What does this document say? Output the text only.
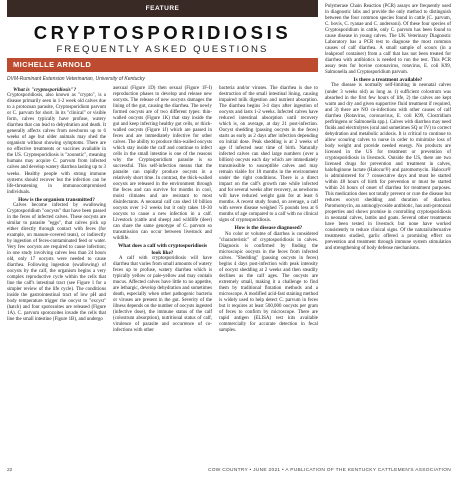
FEATURE
CRYPTOSPORIDIOSIS
FREQUENTLY ASKED QUESTIONS
MICHELLE ARNOLD
DVM-Ruminant Extension Veterinarian, University of Kentucky
What is "cryptosporidiosis"?

Cryptosporidiosis, also known as "crypto", is a disease primarily seen in 1-2 week old calves due to a protozoan parasite, Cryptosporidium parvum or C. parvum for short. In its "clinical" or visible form, calves typically have profuse, watery diarrhea that can lead to dehydration and death. It generally affects calves from newborns up to 6 weeks of age but older animals may shed the organism without showing symptoms. There are no effective treatments or vaccines available in the US. Cryptosporidiosis is "zoonotic", meaning humans may acquire C. parvum from infected calves and develop watery diarrhea lasting up to 3 weeks. Healthy people with strong immune systems should recover but the infection can be life-threatening in immunocompromised individuals.

How is the organism transmitted?

Calves become infected by swallowing Cryptosporidium "oocysts" that have been passed in the feces of infected calves. These oocysts are similar to parasite "eggs", that calves pick up either directly through contact with feces (for example, on manure-covered teats), or indirectly by ingestion of feces-contaminated feed or water. Very few oocysts are required to cause infection; in one study involving calves less than 24 hours old, only 17 oocysts were needed to cause diarrhea. Following ingestion (swallowing) of oocysts by the calf, the organism begins a very complex reproductive cycle within the cells that line the calf's intestinal tract (see Figure 1 for a simpler review of the life cycle). The conditions inside the gastrointestinal tract of low pH and body temperature trigger the oocyst to "excyst" (hatch) and four sporozoites are released (Figure 1A). C. parvum sporozoites invade the cells that line the small intestine (Figure 1B), and undergo

asexual (Figure 1D) then sexual (Figure 1F-I) reproduction phases to develop and release new oocysts. The release of new oocysts damages the lining of the gut, causing the diarrhea. The newly formed oocysts are of two different types: thin-walled oocysts (Figure 1K) that stay inside the gut and keep infecting healthy gut cells, or thick-walled oocysts (Figure 1J) which are passed in feces and are immediately infective for other calves. The ability to produce thin-walled oocysts which stay inside the calf and continue to infect cells in the small intestine is one of the reasons why the Cryptosporidium parasite is so successful. This self-infection means that the parasite can rapidly produce oocysts in a relatively short time. In contrast, the thick-walled oocysts are released in the environment through the feces and can survive for months in cool, moist climates and are resistant to most disinfectants. A neonatal calf can shed 10 billion oocysts over 1-2 weeks but it only takes 10-30 oocysts to cause a new infection in a calf. Livestock (cattle and sheep) and wildlife (deer) can share the same genotype of C. parvum so transmission can occur between livestock and wildlife.

What does a calf with cryptosporidiosis look like?

A calf with cryptosporidiosis will have diarrhea that varies from small amounts of watery feces up to profuse, watery diarrhea which is typically yellow or pale-yellow and may contain mucus. Affected calves have little to no appetite, are lethargic, develop dehydration and sometimes death, especially when other pathogenic bacteria or viruses are present in the gut. Severity of the illness depends on the number of oocysts ingested (infective dose), the immune status of the calf (colostrum absorption), nutritional status of calf, virulence of parasite and occurrence of co-infections with other

bacteria and/or viruses. The diarrhea is due to destruction of the small intestinal lining, causing impaired milk digestion and nutrient absorption. The diarrhea begins 3-4 days after ingestion of oocysts and lasts 1-2 weeks. Infected calves have reduced intestinal absorption until recovery which is, on average, at day 21 post-infection. Oocyst shedding (passing oocysts in the feces) starts as early as 2 days after infection depending on initial dose. Peak shedding is at 2 weeks of age if infected near time of birth. Naturally infected calves can shed large numbers (over a billion) oocysts each day which are immediately transmissible to susceptible calves and may remain viable for 18 months in the environment under the right conditions. There is a direct impact on the calf's growth rate while infected and for several weeks after recovery, as newborns will have reduced weight gain for at least 6 months. A recent study found, on average, a calf with severe disease weighed 75 pounds less at 6 months of age compared to a calf with no clinical signs of cryptosporidiosis.

How is the disease diagnosed?

No color or volume of diarrhea is considered "characteristic" of cryptosporidiosis in calves. Diagnosis is confirmed by finding the microscopic oocysts in the feces from infected calves. "Shedding" (passing oocysts in feces) begins 4 days post-infection with peak intensity of oocyst shedding at 2 weeks and then steadily declines as the calf ages. The oocysts are extremely small, making it a challenge to find them by traditional flotation methods and a microscope. A modified acid-fast staining method is widely used to help detect C. parvum in feces but it requires at least 500,000 oocysts per gram of feces to confirm by microscope. There are rapid antigen (ELISA) test kits available commercially for accurate detection in fecal samples.

Polymerase Chain Reaction (PCR) assays are frequently used in diagnostic labs and provide the only method to distinguish between the four common species found in cattle (C. parvum, C. bovis, C. ryanae and C. andersoni). Of these four species of Cryptosporidium in cattle, only C. parvum has been found to cause disease in young calves. The UK Veterinary Diagnostic Laboratory has a PCR test to diagnose the most common causes of calf diarrhea. A small sample of scours (in a leakproof container) from a calf that has not been treated for diarrhea with antibiotics is needed to run the test. This PCR assay tests for bovine coronavirus, rotavirus, E. coli K99, Salmonella and Cryptosporidium parvum.

Is there a treatment available?

The disease is normally self-limiting in neonatal calves (under 3 weeks old) as long as 1) sufficient colostrum was absorbed in the first few hours of life, 2) the calves are kept warm and dry and given supportive fluid treatment if required, and 3) there are NO co-infections with other causes of calf diarrhea (Rotavirus, coronavirus, E. coli K99, Clostridium perfringens or Salmonella spp.). Calves with diarrhea may need fluids and electrolytes (oral and sometimes SQ or IV) to correct dehydration and metabolic acidosis. It is critical to continue to allow scouring calves to nurse in order to minimize loss of body weight and provide needed energy. No products are licensed in the US for treatment or prevention of cryptosporidiosis in livestock. Outside the US, there are two licensed drugs for prevention and treatment in calves, halofuginone lactate (Halocur®) and paromomycin. Halocur® is administered for 7 consecutive days and must be started within 48 hours of birth for prevention or must be started within 24 hours of onset of diarrhea for treatment purposes. This medication does not totally prevent or cure the disease but reduces oocyst shedding and duration of diarrhea. Paromomycin, an aminoglycoside antibiotic, has anti-protozoal properties and shows promise in controlling cryptosporidiosis in neonatal calves, lambs and goats. Several other treatments have been tested in livestock but none have worked consistently to reduce clinical signs. Of the natural/alternative treatments studied, garlic offered a promising effect on prevention and treatment through immune system stimulation and strengthening of body defense mechanisms.

22	COW COUNTRY • JUNE 2021 • A PUBLICATION OF THE KENTUCKY CATTLEMEN'S ASSOCIATION
